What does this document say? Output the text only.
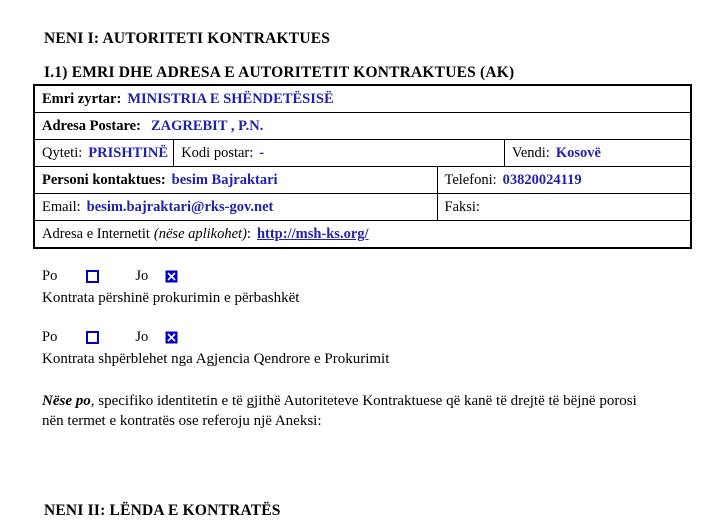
NENI I: AUTORITETI KONTRAKTUES
I.1) EMRI DHE ADRESA E AUTORITETIT KONTRAKTUES (AK)
Emri zyrtar: MINISTRIA E SHËNDETËSISË
Adresa Postare: ZAGREBIT , P.N.
Qyteti: PRISHTINË Kodi postar: -	Vendi: Kosovë
Personi kontaktues: besim Bajraktari	Telefoni: 03820024119
Email: besim.bajraktari@rks-gov.net	Faksi:
Adresa e Internetit (nëse aplikohet) : http://msh-ks.org/
Po	Jo
Kontrata përshinë prokurimin e përbashkët
Po	Jo
Kontrata shpërblehet nga Agjencia Qendrore e Prokurimit
Nëse po, specifiko identitetin e të gjithë Autoriteteve Kontraktuese që kanë të drejtë të bëjnë porosi
nën termet e kontratës ose referoju një Aneksi:
NENI II: LËNDA E KONTRATËS
